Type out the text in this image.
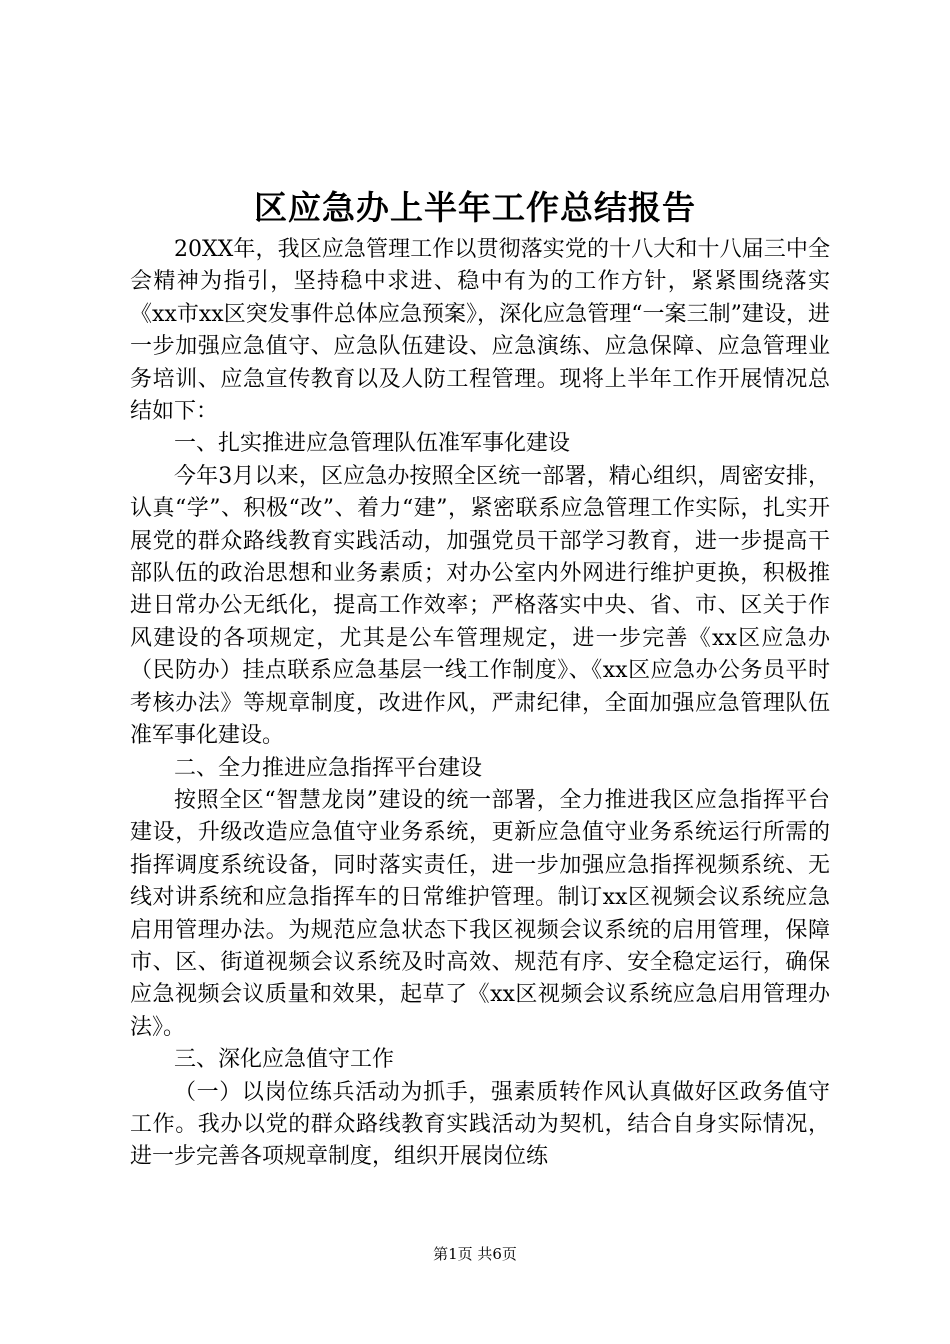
区应急办上半年工作总结报告

20XX年，我区应急管理工作以贯彻落实党的十八大和十八届三中全会精神为指引，坚持稳中求进、稳中有为的工作方针，紧紧围绕落实《xx市xx区突发事件总体应急预案》，深化应急管理“一案三制”建设，进一步加强应急值守、应急队伍建设、应急演练、应急保障、应急管理业务培训、应急宣传教育以及人防工程管理。现将上半年工作开展情况总结如下：

一、扎实推进应急管理队伍准军事化建设

今年3月以来，区应急办按照全区统一部署，精心组织，周密安排，认真“学”、积极“改”、着力“建”，紧密联系应急管理工作实际，扎实开展党的群众路线教育实践活动，加强党员干部学习教育，进一步提高干部队伍的政治思想和业务素质；对办公室内外网进行维护更换，积极推进日常办公无纸化，提高工作效率；严格落实中央、省、市、区关于作风建设的各项规定，尤其是公车管理规定，进一步完善《xx区应急办（民防办）挂点联系应急基层一线工作制度》、《xx区应急办公务员平时考核办法》等规章制度，改进作风，严肃纪律，全面加强应急管理队伍准军事化建设。

二、全力推进应急指挥平台建设

按照全区“智慧龙岗”建设的统一部署，全力推进我区应急指挥平台建设，升级改造应急值守业务系统，更新应急值守业务系统运行所需的指挥调度系统设备，同时落实责任，进一步加强应急指挥视频系统、无线对讲系统和应急指挥车的日常维护管理。制订xx区视频会议系统应急启用管理办法。为规范应急状态下我区视频会议系统的启用管理，保障市、区、街道视频会议系统及时高效、规范有序、安全稳定运行，确保应急视频会议质量和效果，起草了《xx区视频会议系统应急启用管理办法》。

三、深化应急值守工作

（一）以岗位练兵活动为抓手，强素质转作风认真做好区政务值守工作。我办以党的群众路线教育实践活动为契机，结合自身实际情况，进一步完善各项规章制度，组织开展岗位练

第1页 共6页
